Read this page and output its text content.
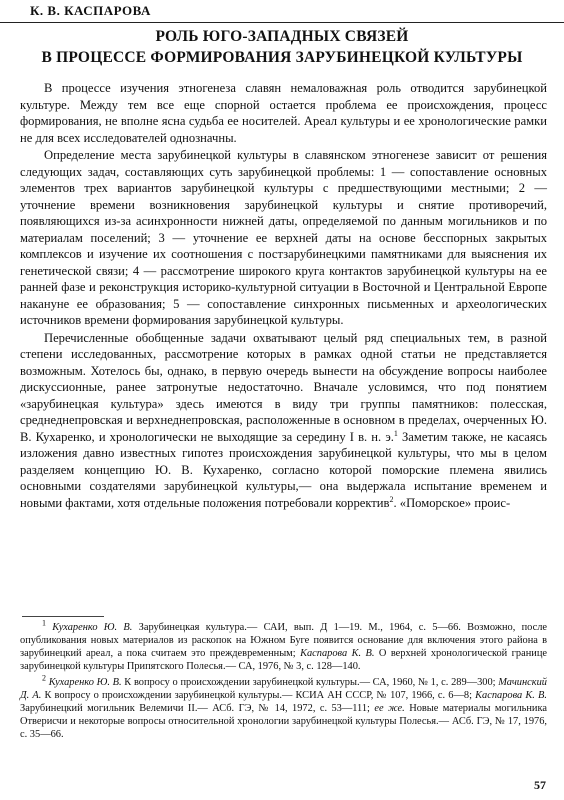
К. В. КАСПАРОВА
РОЛЬ ЮГО-ЗАПАДНЫХ СВЯЗЕЙ
В ПРОЦЕССЕ ФОРМИРОВАНИЯ ЗАРУБИНЕЦКОЙ КУЛЬТУРЫ

В процессе изучения этногенеза славян немаловажная роль отводится зарубинецкой культуре. Между тем все еще спорной остается проблема ее происхождения, процесс формирования, не вполне ясна судьба ее носителей. Ареал культуры и ее хронологические рамки не для всех исследователей однозначны.

Определение места зарубинецкой культуры в славянском этногенезе зависит от решения следующих задач, составляющих суть зарубинецкой проблемы: 1 — сопоставление основных элементов трех вариантов зарубинецкой культуры с предшествующими местными; 2 — уточнение времени возникновения зарубинецкой культуры и снятие противоречий, появляющихся из-за асинхронности нижней даты, определяемой по данным могильников и по материалам поселений; 3 — уточнение ее верхней даты на основе бесспорных закрытых комплексов и изучение их соотношения с постзарубинецкими памятниками для выяснения их генетической связи; 4 — рассмотрение широкого круга контактов зарубинецкой культуры на ее ранней фазе и реконструкция историко-культурной ситуации в Восточной и Центральной Европе накануне ее образования; 5 — сопоставление синхронных письменных и археологических источников времени формирования зарубинецкой культуры.

Перечисленные обобщенные задачи охватывают целый ряд специальных тем, в разной степени исследованных, рассмотрение которых в рамках одной статьи не представляется возможным. Хотелось бы, однако, в первую очередь вынести на обсуждение вопросы наиболее дискуссионные, ранее затронутые недостаточно. Вначале условимся, что под понятием «зарубинецкая культура» здесь имеются в виду три группы памятников: полесская, среднеднепровская и верхнеднепровская, расположенные в основном в пределах, очерченных Ю. В. Кухаренко, и хронологически не выходящие за середину I в. н. э.$^1$ Заметим также, не касаясь изложения давно известных гипотез происхождения зарубинецкой культуры, что мы в целом разделяем концепцию Ю. В. Кухаренко, согласно которой поморские племена явились основными создателями зарубинецкой культуры,— она выдержала испытание временем и новыми фактами, хотя отдельные положения потребовали корректив$^2$. «Поморское» проис-

$^1$ Кухаренко Ю. В. Зарубинецкая культура.— САИ, вып. Д 1—19. М., 1964, с. 5—66. Возможно, после опубликования новых материалов из раскопок на Южном Буге появится основание для включения этого района в зарубинецкий ареал, а пока считаем это преждевременным; Каспарова К. В. О верхней хронологической границе зарубинецкой культуры Припятского Полесья.— СА, 1976, № 3, с. 128—140.

$^2$ Кухаренко Ю. В. К вопросу о происхождении зарубинецкой культуры.— СА, 1960, № 1, с. 289—300; Мачинский Д. А. К вопросу о происхождении зарубинецкой культуры.— КСИА АН СССР, № 107, 1966, с. 6—8; Каспарова К. В. Зарубинецкий могильник Велемичи II.— АСб. ГЭ, № 14, 1972, с. 53—111; ее же. Новые материалы могильника Отверисчи и некоторые вопросы относительной хронологии зарубинецкой культуры Полесья.— АСб. ГЭ, № 17, 1976, с. 35—66.

57
